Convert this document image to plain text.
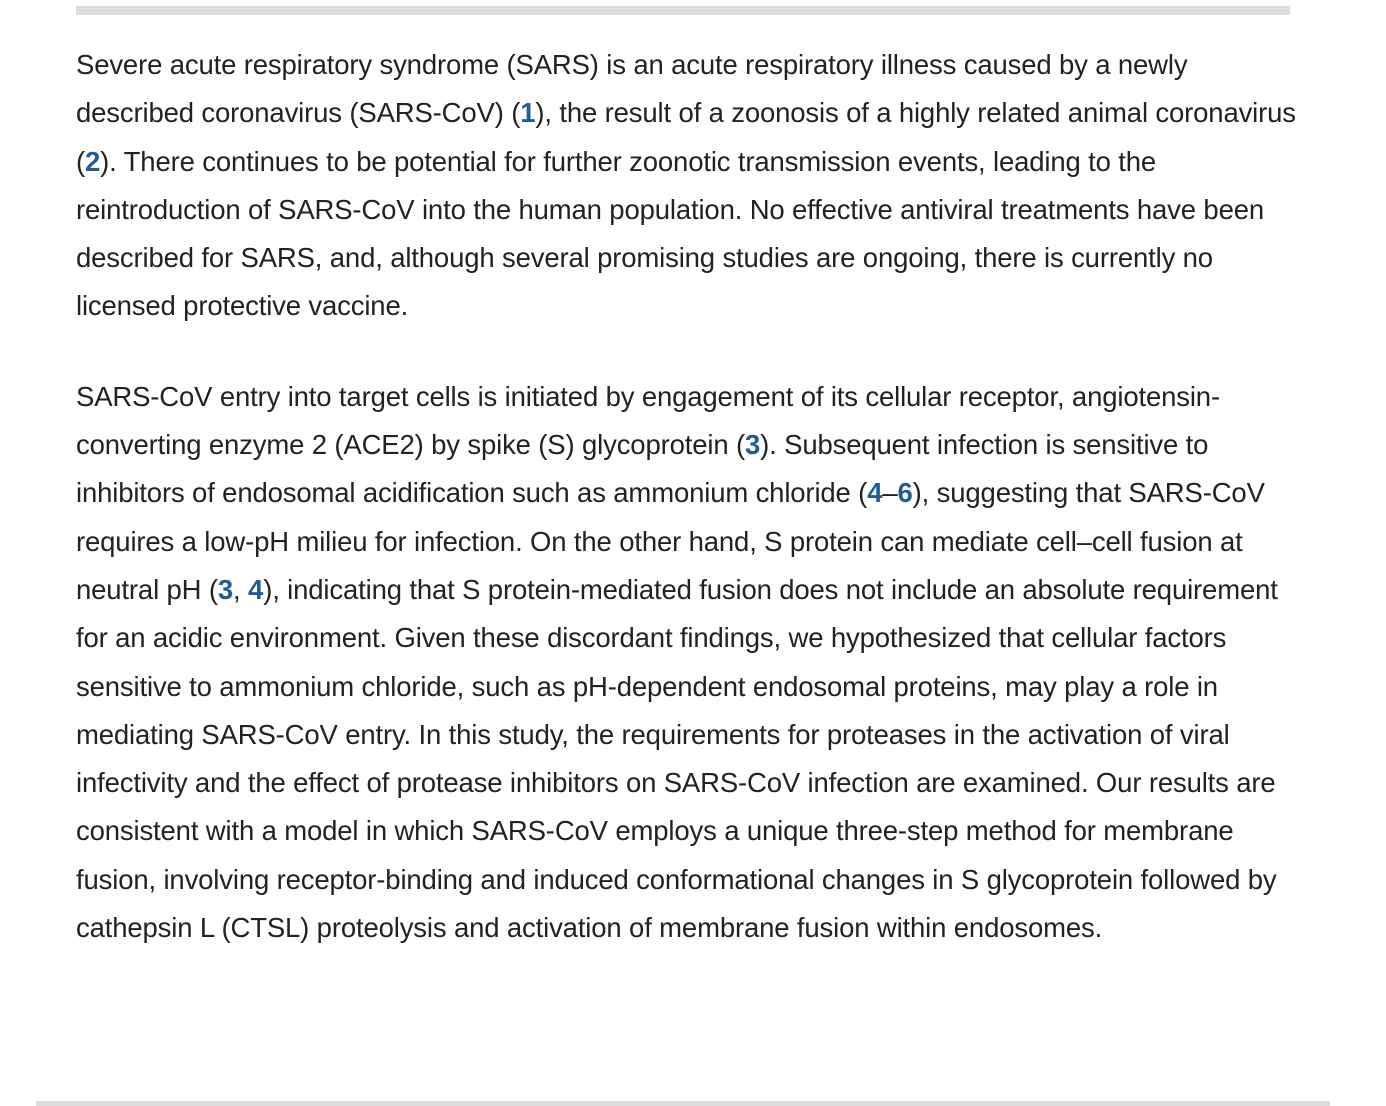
Severe acute respiratory syndrome (SARS) is an acute respiratory illness caused by a newly described coronavirus (SARS-CoV) (1), the result of a zoonosis of a highly related animal coronavirus (2). There continues to be potential for further zoonotic transmission events, leading to the reintroduction of SARS-CoV into the human population. No effective antiviral treatments have been described for SARS, and, although several promising studies are ongoing, there is currently no licensed protective vaccine.

SARS-CoV entry into target cells is initiated by engagement of its cellular receptor, angiotensin-converting enzyme 2 (ACE2) by spike (S) glycoprotein (3). Subsequent infection is sensitive to inhibitors of endosomal acidification such as ammonium chloride (4–6), suggesting that SARS-CoV requires a low-pH milieu for infection. On the other hand, S protein can mediate cell–cell fusion at neutral pH (3, 4), indicating that S protein-mediated fusion does not include an absolute requirement for an acidic environment. Given these discordant findings, we hypothesized that cellular factors sensitive to ammonium chloride, such as pH-dependent endosomal proteins, may play a role in mediating SARS-CoV entry. In this study, the requirements for proteases in the activation of viral infectivity and the effect of protease inhibitors on SARS-CoV infection are examined. Our results are consistent with a model in which SARS-CoV employs a unique three-step method for membrane fusion, involving receptor-binding and induced conformational changes in S glycoprotein followed by cathepsin L (CTSL) proteolysis and activation of membrane fusion within endosomes.
